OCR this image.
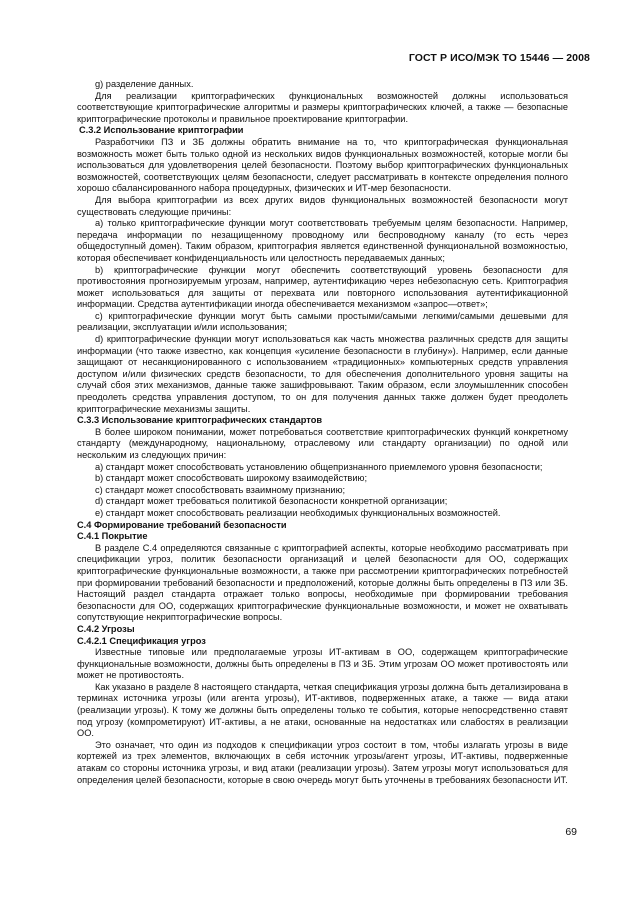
ГОСТ Р ИСО/МЭК ТО 15446 — 2008

g) разделение данных.

Для реализации криптографических функциональных возможностей должны использоваться соответствующие криптографические алгоритмы и размеры криптографических ключей, а также — безопасные криптографические протоколы и правильное проектирование криптографии.

С.3.2 Использование криптографии

Разработчики ПЗ и ЗБ должны обратить внимание на то, что криптографическая функциональная возможность может быть только одной из нескольких видов функциональных возможностей, которые могли бы использоваться для удовлетворения целей безопасности. Поэтому выбор криптографических функциональных возможностей, соответствующих целям безопасности, следует рассматривать в контексте определения полного хорошо сбалансированного набора процедурных, физических и ИТ-мер безопасности.

Для выбора криптографии из всех других видов функциональных возможностей безопасности могут существовать следующие причины:

a) только криптографические функции могут соответствовать требуемым целям безопасности. Например, передача информации по незащищенному проводному или беспроводному каналу (то есть через общедоступный домен). Таким образом, криптография является единственной функциональной возможностью, которая обеспечивает конфиденциальность или целостность передаваемых данных;

b) криптографические функции могут обеспечить соответствующий уровень безопасности для противостояния прогнозируемым угрозам, например, аутентификацию через небезопасную сеть. Криптография может использоваться для защиты от перехвата или повторного использования аутентификационной информации. Средства аутентификации иногда обеспечивается механизмом «запрос—ответ»;

c) криптографические функции могут быть самыми простыми/самыми легкими/самыми дешевыми для реализации, эксплуатации и/или использования;

d) криптографические функции могут использоваться как часть множества различных средств для защиты информации (что также известно, как концепция «усиление безопасности в глубину»). Например, если данные защищают от несанкционированного с использованием «традиционных» компьютерных средств управления доступом и/или физических средств безопасности, то для обеспечения дополнительного уровня защиты на случай сбоя этих механизмов, данные также зашифровывают. Таким образом, если злоумышленник способен преодолеть средства управления доступом, то он для получения данных также должен будет преодолеть криптографические механизмы защиты.

С.3.3 Использование криптографических стандартов

В более широком понимании, может потребоваться соответствие криптографических функций конкретному стандарту (международному, национальному, отраслевому или стандарту организации) по одной или нескольким из следующих причин:

a) стандарт может способствовать установлению общепризнанного приемлемого уровня безопасности;

b) стандарт может способствовать широкому взаимодействию;

c) стандарт может способствовать взаимному признанию;

d) стандарт может требоваться политикой безопасности конкретной организации;

e) стандарт может способствовать реализации необходимых функциональных возможностей.

С.4 Формирование требований безопасности

С.4.1 Покрытие

В разделе С.4 определяются связанные с криптографией аспекты, которые необходимо рассматривать при спецификации угроз, политик безопасности организаций и целей безопасности для ОО, содержащих криптографические функциональные возможности, а также при рассмотрении криптографических потребностей при формировании требований безопасности и предположений, которые должны быть определены в ПЗ или ЗБ. Настоящий раздел стандарта отражает только вопросы, необходимые при формировании требования безопасности для ОО, содержащих криптографические функциональные возможности, и может не охватывать сопутствующие некриптографические вопросы.

С.4.2 Угрозы

С.4.2.1 Спецификация угроз

Известные типовые или предполагаемые угрозы ИТ-активам в ОО, содержащем криптографические функциональные возможности, должны быть определены в ПЗ и ЗБ. Этим угрозам ОО может противостоять или может не противостоять.

Как указано в разделе 8 настоящего стандарта, четкая спецификация угрозы должна быть детализирована в терминах источника угрозы (или агента угрозы), ИТ-активов, подверженных атаке, а также — вида атаки (реализации угрозы). К тому же должны быть определены только те события, которые непосредственно ставят под угрозу (компрометируют) ИТ-активы, а не атаки, основанные на недостатках или слабостях в реализации ОО.

Это означает, что один из подходов к спецификации угроз состоит в том, чтобы излагать угрозы в виде кортежей из трех элементов, включающих в себя источник угрозы/агент угрозы, ИТ-активы, подверженные атакам со стороны источника угрозы, и вид атаки (реализации угрозы). Затем угрозы могут использоваться для определения целей безопасности, которые в свою очередь могут быть уточнены в требованиях безопасности ИТ.

69
